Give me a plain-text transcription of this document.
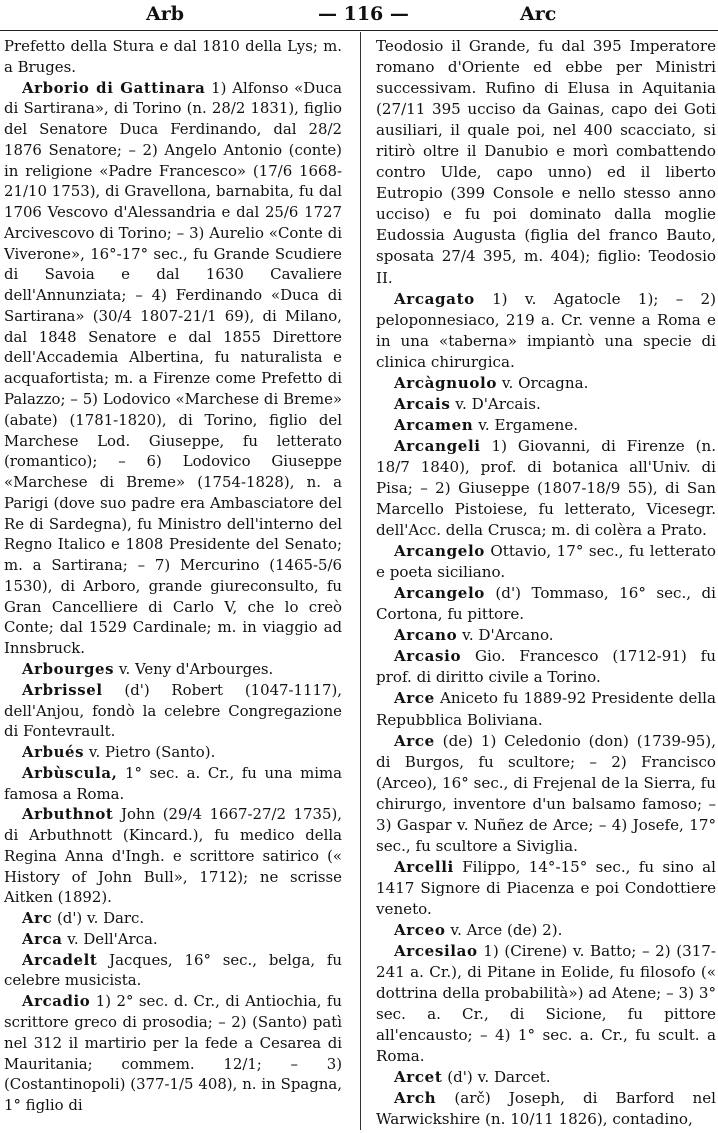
Arb	— 116 —	Arc

Prefetto della Stura e dal 1810 della Lys; m. a Bruges.

Arborio di Gattinara 1) Alfonso «Duca di Sartirana», di Torino (n. 28/2 1831), figlio del Senatore Duca Ferdinando, dal 28/2 1876 Senatore; – 2) Angelo Antonio (conte) in religione «Padre Francesco» (17/6 1668-21/10 1753), di Gravellona, barnabita, fu dal 1706 Vescovo d'Alessandria e dal 25/6 1727 Arcivescovo di Torino; – 3) Aurelio «Conte di Viverone», 16°-17° sec., fu Grande Scudiere di Savoia e dal 1630 Cavaliere dell'Annunziata; – 4) Ferdinando «Duca di Sartirana» (30/4 1807-21/1 69), di Milano, dal 1848 Senatore e dal 1855 Direttore dell'Accademia Albertina, fu naturalista e acquafortista; m. a Firenze come Prefetto di Palazzo; – 5) Lodovico «Marchese di Breme» (abate) (1781-1820), di Torino, figlio del Marchese Lod. Giuseppe, fu letterato (romantico); – 6) Lodovico Giuseppe «Marchese di Breme» (1754-1828), n. a Parigi (dove suo padre era Ambasciatore del Re di Sardegna), fu Ministro dell'interno del Regno Italico e 1808 Presidente del Senato; m. a Sartirana; – 7) Mercurino (1465-5/6 1530), di Arboro, grande giureconsulto, fu Gran Cancelliere di Carlo V, che lo creò Conte; dal 1529 Cardinale; m. in viaggio ad Innsbruck.

Arbourges v. Veny d'Arbourges.

Arbrissel (d') Robert (1047-1117), dell'Anjou, fondò la celebre Congregazione di Fontevrault.

Arbués v. Pietro (Santo).

Arbùscula, 1° sec. a. Cr., fu una mima famosa a Roma.

Arbuthnot John (29/4 1667-27/2 1735), di Arbuthnott (Kincard.), fu medico della Regina Anna d'Ingh. e scrittore satirico (« History of John Bull», 1712); ne scrisse Aitken (1892).

Arc (d') v. Darc.

Arca v. Dell'Arca.

Arcadelt Jacques, 16° sec., belga, fu celebre musicista.

Arcadio 1) 2° sec. d. Cr., di Antiochia, fu scrittore greco di prosodia; – 2) (Santo) patì nel 312 il martirio per la fede a Cesarea di Mauritania; commem. 12/1; – 3) (Costantinopoli) (377-1/5 408), n. in Spagna, 1° figlio di

Teodosio il Grande, fu dal 395 Imperatore romano d'Oriente ed ebbe per Ministri successivam. Rufino di Elusa in Aquitania (27/11 395 ucciso da Gainas, capo dei Goti ausiliari, il quale poi, nel 400 scacciato, si ritirò oltre il Danubio e morì combattendo contro Ulde, capo unno) ed il liberto Eutropio (399 Console e nello stesso anno ucciso) e fu poi dominato dalla moglie Eudossia Augusta (figlia del franco Bauto, sposata 27/4 395, m. 404); figlio: Teodosio II.

Arcagato 1) v. Agatocle 1); – 2) peloponnesiaco, 219 a. Cr. venne a Roma e in una «taberna» impiantò una specie di clinica chirurgica.

Arcàgnuolo v. Orcagna.

Arcais v. D'Arcais.

Arcamen v. Ergamene.

Arcangeli 1) Giovanni, di Firenze (n. 18/7 1840), prof. di botanica all'Univ. di Pisa; – 2) Giuseppe (1807-18/9 55), di San Marcello Pistoiese, fu letterato, Vicesegr. dell'Acc. della Crusca; m. di colèra a Prato.

Arcangelo Ottavio, 17° sec., fu letterato e poeta siciliano.

Arcangelo (d') Tommaso, 16° sec., di Cortona, fu pittore.

Arcano v. D'Arcano.

Arcasio Gio. Francesco (1712-91) fu prof. di diritto civile a Torino.

Arce Aniceto fu 1889-92 Presidente della Repubblica Boliviana.

Arce (de) 1) Celedonio (don) (1739-95), di Burgos, fu scultore; – 2) Francisco (Arceo), 16° sec., di Frejenal de la Sierra, fu chirurgo, inventore d'un balsamo famoso; – 3) Gaspar v. Nuñez de Arce; – 4) Josefe, 17° sec., fu scultore a Siviglia.

Arcelli Filippo, 14°-15° sec., fu sino al 1417 Signore di Piacenza e poi Condottiere veneto.

Arceo v. Arce (de) 2).

Arcesilao 1) (Cirene) v. Batto; – 2) (317-241 a. Cr.), di Pitane in Eolide, fu filosofo (« dottrina della probabilità») ad Atene; – 3) 3° sec. a. Cr., di Sicione, fu pittore all'encausto; – 4) 1° sec. a. Cr., fu scult. a Roma.

Arcet (d') v. Darcet.

Arch (arč) Joseph, di Barford nel Warwickshire (n. 10/11 1826), contadino,
